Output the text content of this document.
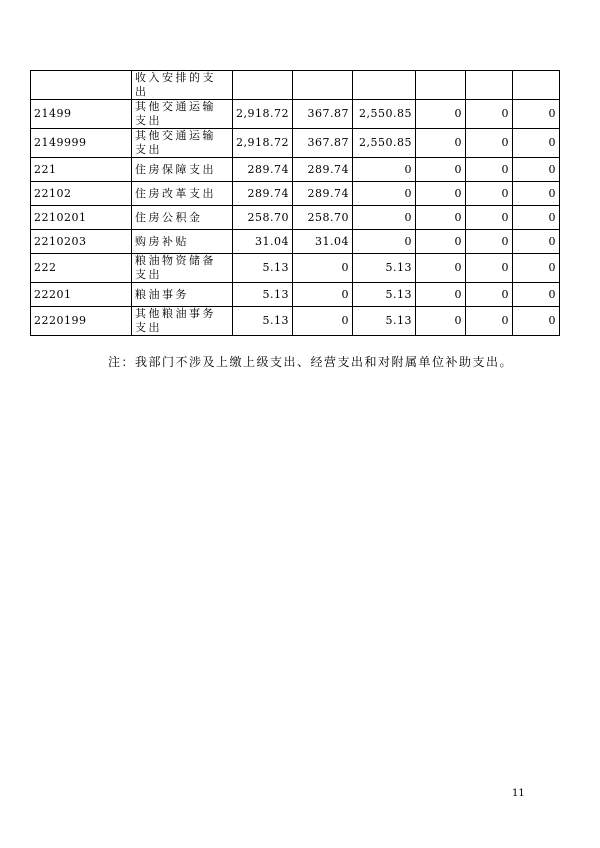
	收入安排的支出						
21499	其他交通运输支出	2,918.72	367.87	2,550.85	0	0	0
2149999	其他交通运输支出	2,918.72	367.87	2,550.85	0	0	0
221	住房保障支出	289.74	289.74	0	0	0	0
22102	住房改革支出	289.74	289.74	0	0	0	0
2210201	住房公积金	258.70	258.70	0	0	0	0
2210203	购房补贴	31.04	31.04	0	0	0	0
222	粮油物资储备支出	5.13	0	5.13	0	0	0
22201	粮油事务	5.13	0	5.13	0	0	0
2220199	其他粮油事务支出	5.13	0	5.13	0	0	0
注：我部门不涉及上缴上级支出、经营支出和对附属单位补助支出。
11
